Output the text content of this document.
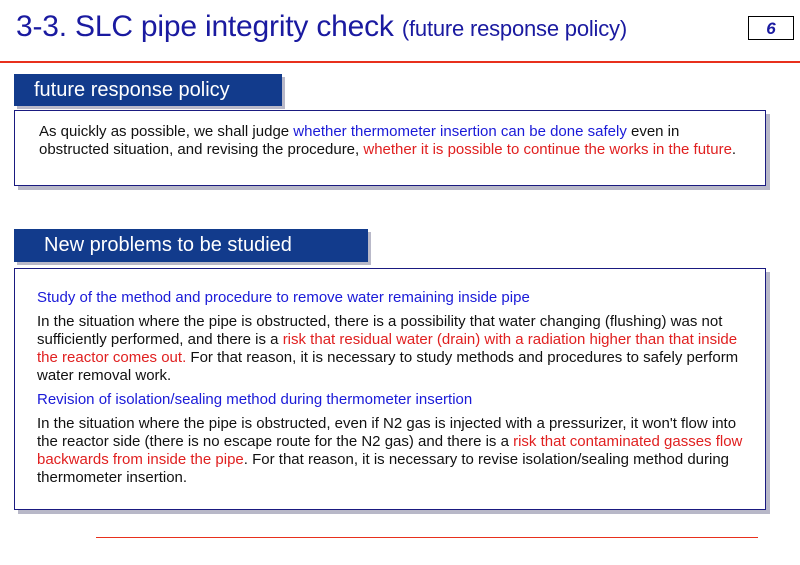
3-3. SLC pipe integrity check (future response policy)	6
future response policy
As quickly as possible, we shall judge whether thermometer insertion can be done safely even in obstructed situation, and revising the procedure, whether it is possible to continue the works in the future.
New problems to be studied
Study of the method and procedure to remove water remaining inside pipe
In the situation where the pipe is obstructed, there is a possibility that water changing (flushing) was not sufficiently performed, and there is a risk that residual water (drain) with a radiation higher than that inside the reactor comes out. For that reason, it is necessary to study methods and procedures to safely perform water removal work.
Revision of isolation/sealing method during thermometer insertion
In the situation where the pipe is obstructed, even if N2 gas is injected with a pressurizer, it won't flow into the reactor side (there is no escape route for the N2 gas) and there is a risk that contaminated gasses flow backwards from inside the pipe. For that reason, it is necessary to revise isolation/sealing method during thermometer insertion.
